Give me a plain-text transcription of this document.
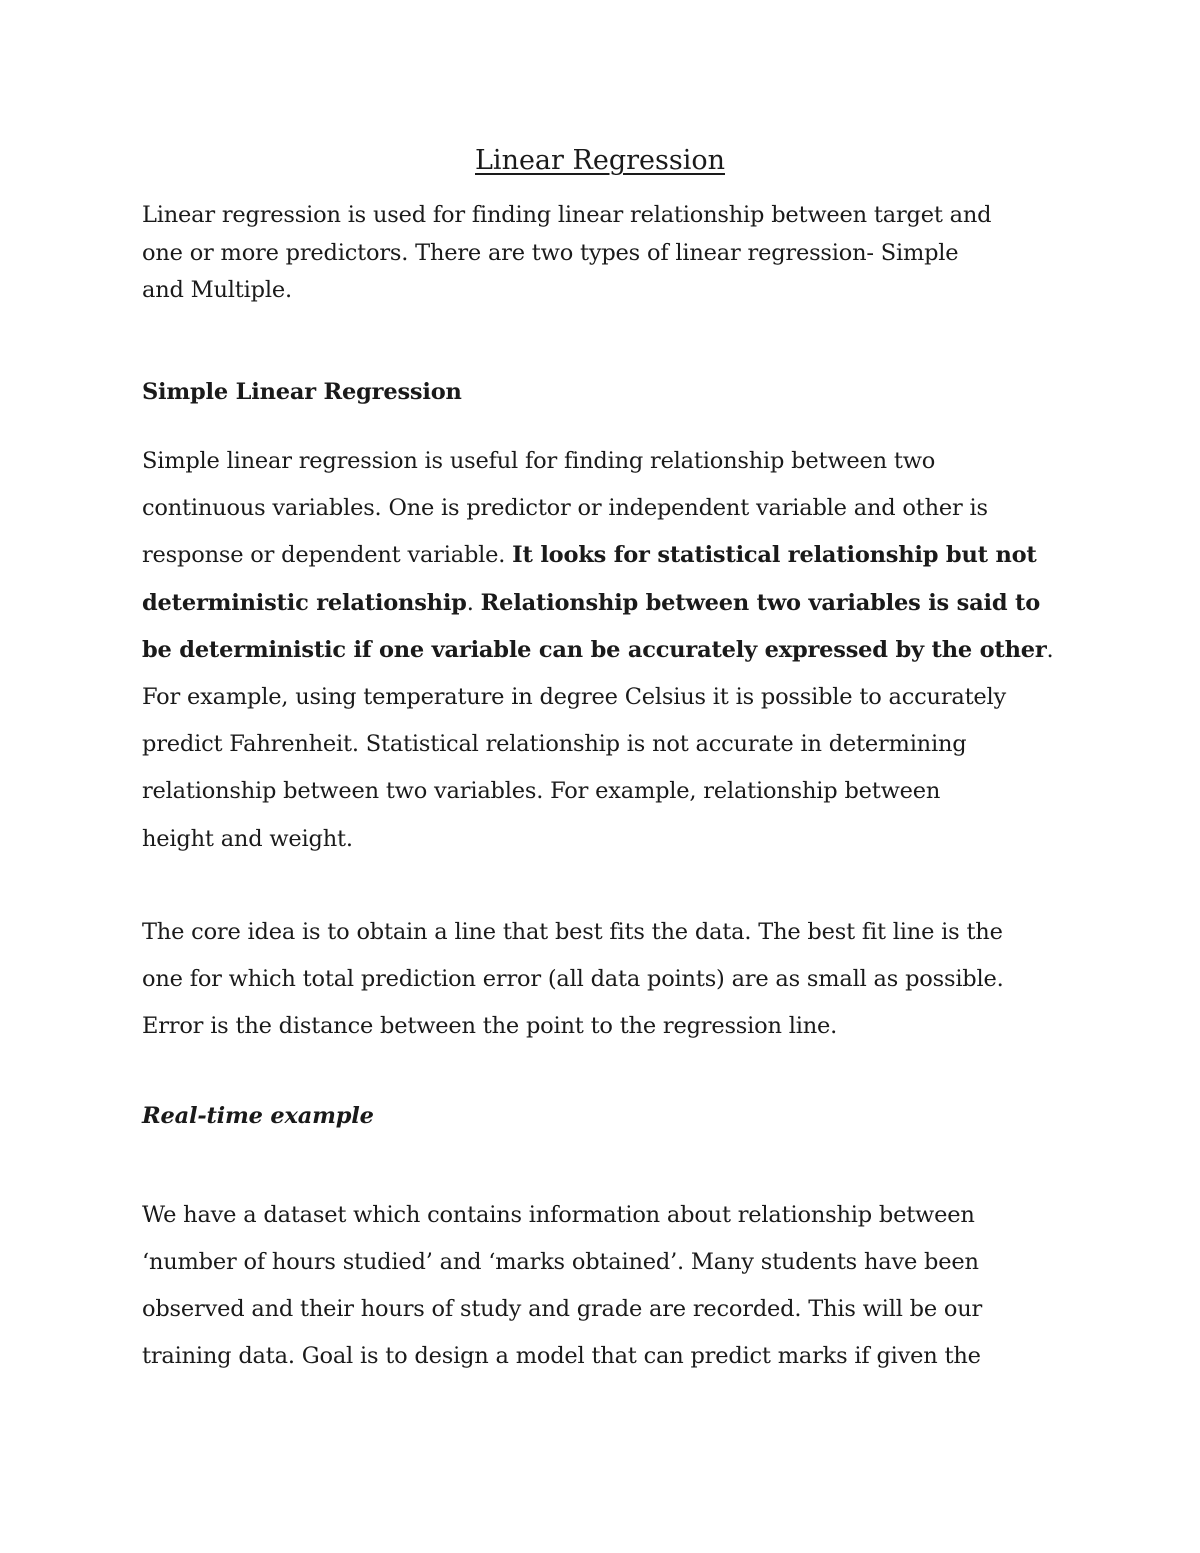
Linear Regression

Linear regression is used for finding linear relationship between target and
one or more predictors. There are two types of linear regression- Simple
and Multiple.

Simple Linear Regression

Simple linear regression is useful for finding relationship between two
continuous variables. One is predictor or independent variable and other is
response or dependent variable. It looks for statistical relationship but not
deterministic relationship. Relationship between two variables is said to
be deterministic if one variable can be accurately expressed by the other.
For example, using temperature in degree Celsius it is possible to accurately
predict Fahrenheit. Statistical relationship is not accurate in determining
relationship between two variables. For example, relationship between
height and weight.

The core idea is to obtain a line that best fits the data. The best fit line is the
one for which total prediction error (all data points) are as small as possible.
Error is the distance between the point to the regression line.

Real-time example

We have a dataset which contains information about relationship between
‘number of hours studied’ and ‘marks obtained’. Many students have been
observed and their hours of study and grade are recorded. This will be our
training data. Goal is to design a model that can predict marks if given the
